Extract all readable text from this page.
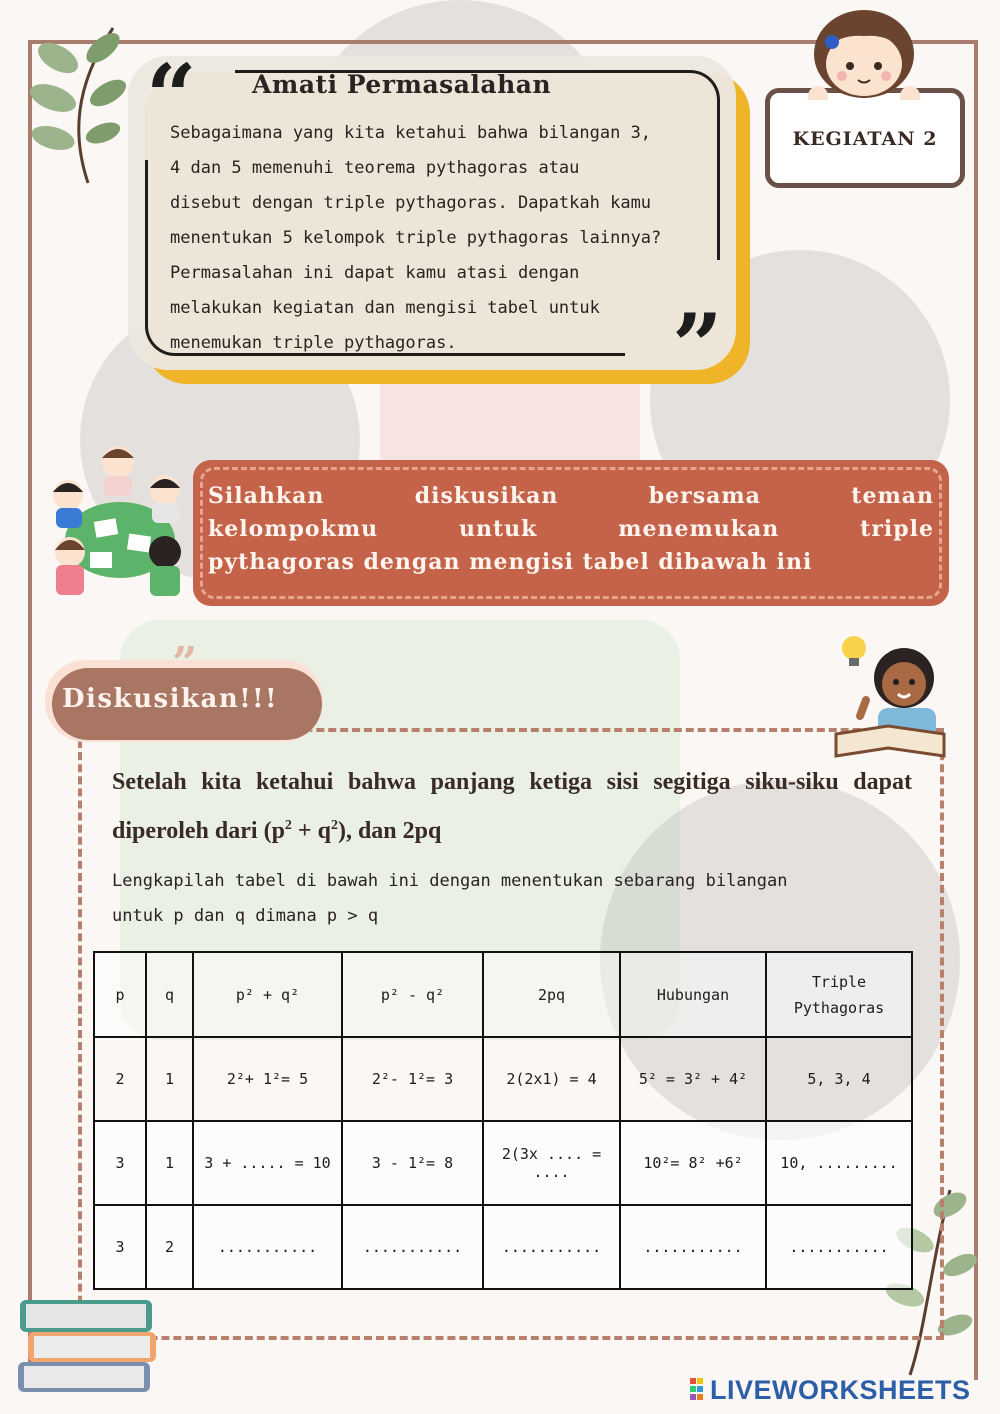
“
”
Amati Permasalahan
Sebagaimana yang kita ketahui bahwa bilangan 3,
4 dan 5 memenuhi teorema pythagoras atau
disebut dengan triple pythagoras. Dapatkah kamu
menentukan 5 kelompok triple pythagoras lainnya?
Permasalahan ini dapat kamu atasi dengan
melakukan kegiatan dan mengisi tabel untuk
menemukan triple pythagoras.
KEGIATAN 2
Silahkan diskusikan bersama teman
kelompokmu untuk menemukan triple
pythagoras dengan mengisi tabel dibawah ini
”
Diskusikan!!!
Setelah kita ketahui bahwa panjang ketiga sisi segitiga siku-siku dapat diperoleh dari $(p^2 + q^2)$, dan 2pq
Lengkapilah tabel di bawah ini dengan menentukan sebarang bilangan
untuk p dan q dimana p > q
p	q	p² + q²	p² - q²	2pq	Hubungan	Triple Pythagoras
2	1	2²+ 1²= 5	2²- 1²= 3	2(2x1) = 4	5² = 3² + 4²	5, 3, 4
3	1	3 + ..... = 10	3 - 1²= 8	2(3x .... = ....	10²= 8² +6²	10, .........
3	2	...........	...........	...........	...........	...........
LIVEWORKSHEETS
